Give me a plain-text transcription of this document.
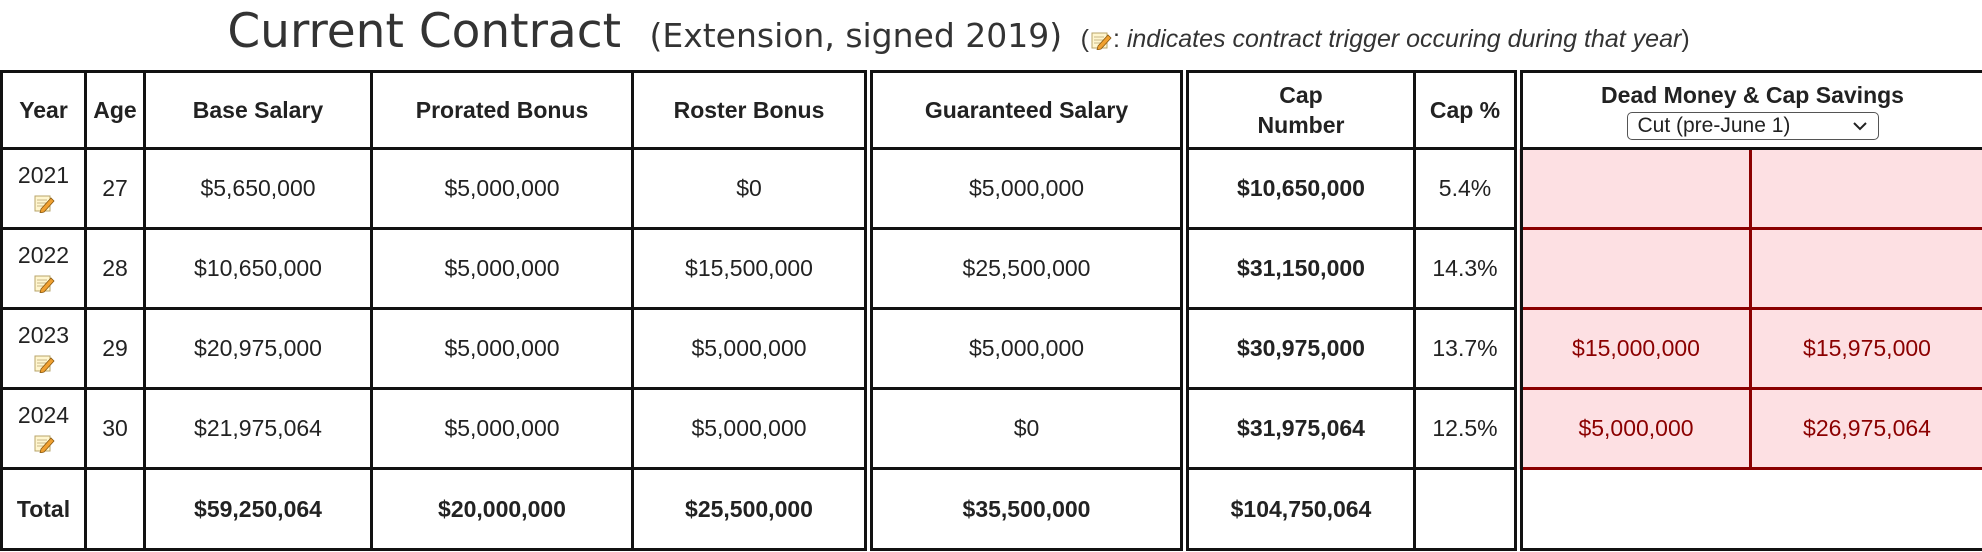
Current Contract (Extension, signed 2019) ( : indicates contract trigger occuring during that year)
Year	Age	Base Salary	Prorated Bonus	Roster Bonus	Guaranteed Salary	Cap
Number	Cap %	Dead Money & Cap Savings

Cut (pre-June 1)	

2021	27	$5,650,000	$5,000,000	$0	$5,000,000	$10,650,000	5.4%		

2022	28	$10,650,000	$5,000,000	$15,500,000	$25,500,000	$31,150,000	14.3%		

2023	29	$20,975,000	$5,000,000	$5,000,000	$5,000,000	$30,975,000	13.7%	$15,000,000	$15,975,000

2024	30	$21,975,064	$5,000,000	$5,000,000	$0	$31,975,064	12.5%	$5,000,000	$26,975,064
Total		$59,250,064	$20,000,000	$25,500,000	$35,500,000	$104,750,064			
